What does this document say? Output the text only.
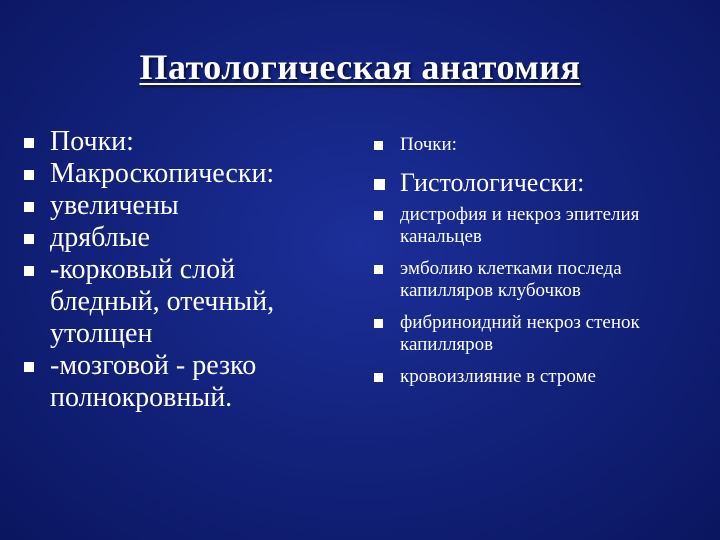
Патологическая анатомия
Почки:
Макроскопически:
увеличены
дряблые
-корковый слой бледный, отечный, утолщен
-мозговой - резко полнокровный.
Почки:
Гистологически:
дистрофия и некроз эпителия канальцев
эмболию клетками последа капилляров клубочков
фибриноидний некроз стенок капилляров
кровоизлияние в строме
